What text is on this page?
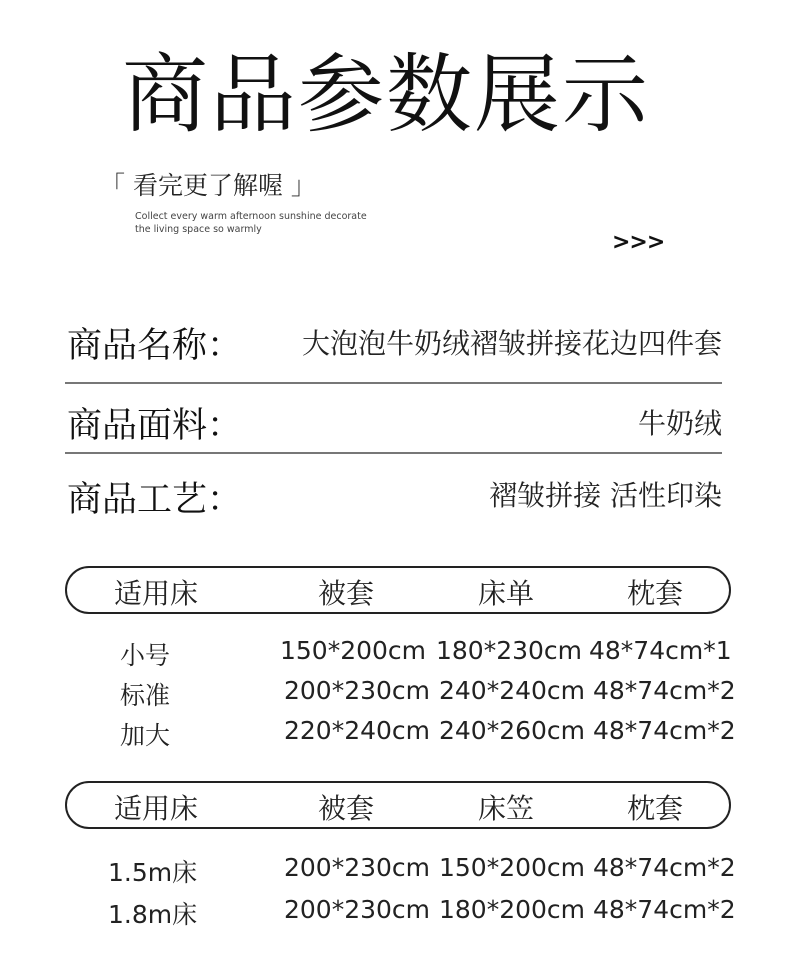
商品参数展示
「 看完更了解喔 」
Collect every warm afternoon sunshine decorate
the living space so warmly
>>>
商品名称： 大泡泡牛奶绒褶皱拼接花边四件套
商品面料：	牛奶绒
商品工艺：	褶皱拼接 活性印染
适用床	被套	床单	枕套
小号	150*200cm 180*230cm 48*74cm*1
标准	200*230cm 240*240cm 48*74cm*2
加大	220*240cm 240*260cm 48*74cm*2
适用床	被套	床笠	枕套
1.5m床	200*230cm 150*200cm 48*74cm*2
1.8m床	200*230cm 180*200cm 48*74cm*2
